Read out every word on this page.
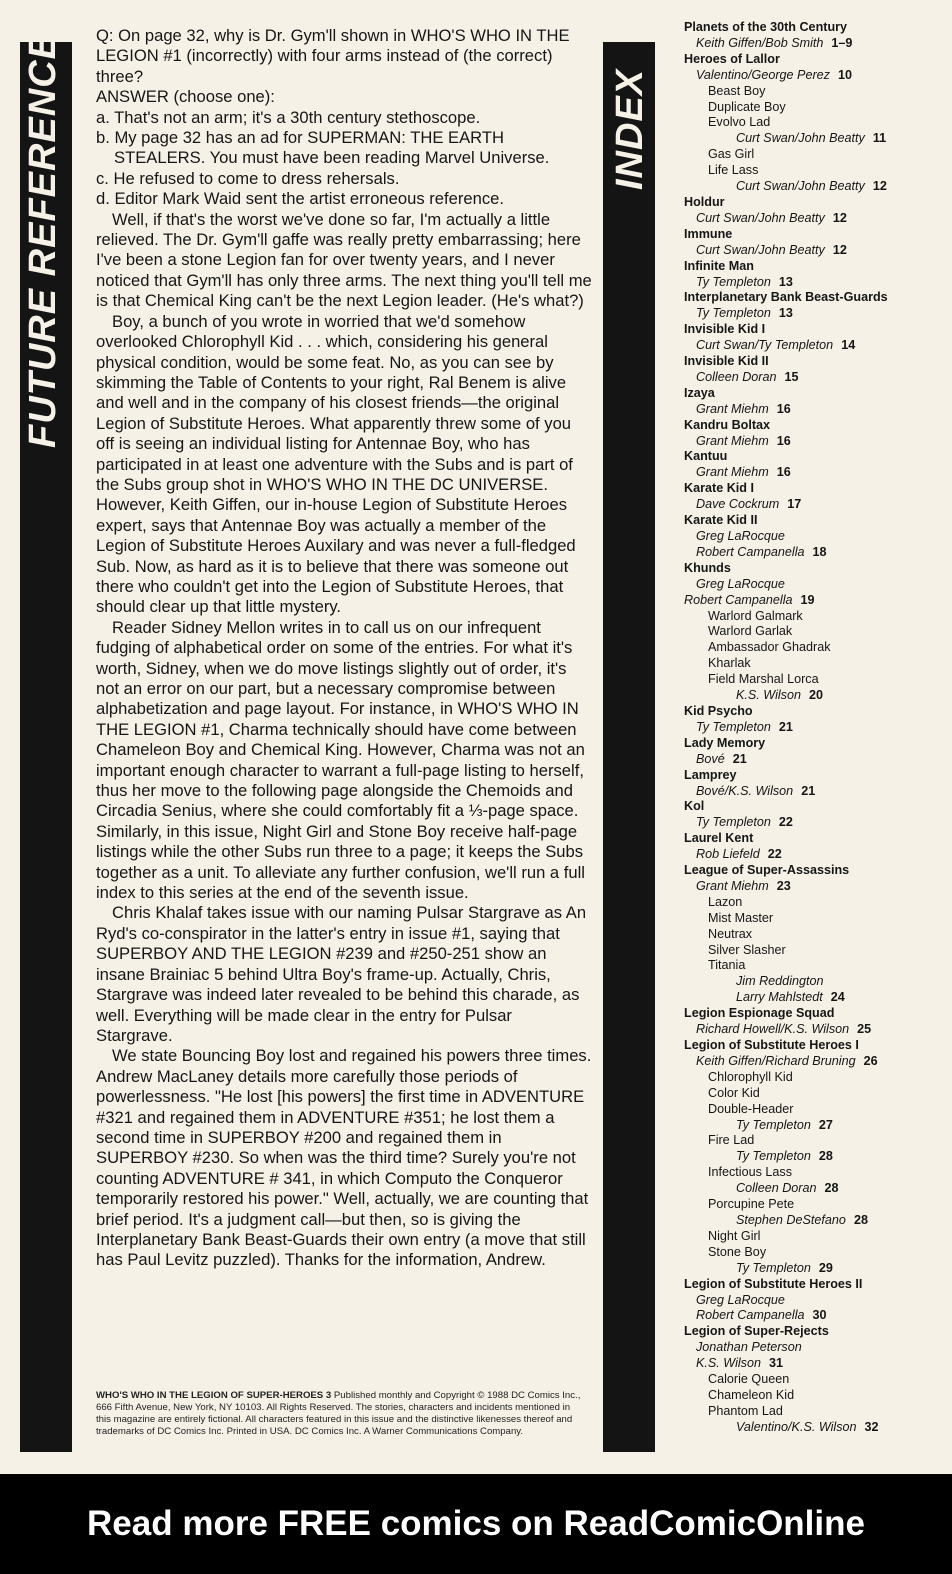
FUTURE REFERENCE	INDEX

Q: On page 32, why is Dr. Gym'll shown in WHO'S WHO IN THE LEGION #1 (incorrectly) with four arms instead of (the correct) three?

ANSWER (choose one):

a. That's not an arm; it's a 30th century stethoscope.

b. My page 32 has an ad for SUPERMAN: THE EARTH STEALERS. You must have been reading Marvel Universe.

c. He refused to come to dress rehersals.

d. Editor Mark Waid sent the artist erroneous reference.

Well, if that's the worst we've done so far, I'm actually a little relieved. The Dr. Gym'll gaffe was really pretty embarrassing; here I've been a stone Legion fan for over twenty years, and I never noticed that Gym'll has only three arms. The next thing you'll tell me is that Chemical King can't be the next Legion leader. (He's what?)

Boy, a bunch of you wrote in worried that we'd somehow overlooked Chlorophyll Kid . . . which, considering his general physical condition, would be some feat. No, as you can see by skimming the Table of Contents to your right, Ral Benem is alive and well and in the company of his closest friends—the original Legion of Substitute Heroes. What apparently threw some of you off is seeing an individual listing for Antennae Boy, who has participated in at least one adventure with the Subs and is part of the Subs group shot in WHO'S WHO IN THE DC UNIVERSE. However, Keith Giffen, our in-house Legion of Substitute Heroes expert, says that Antennae Boy was actually a member of the Legion of Substitute Heroes Auxilary and was never a full-fledged Sub. Now, as hard as it is to believe that there was someone out there who couldn't get into the Legion of Substitute Heroes, that should clear up that little mystery.

Reader Sidney Mellon writes in to call us on our infrequent fudging of alphabetical order on some of the entries. For what it's worth, Sidney, when we do move listings slightly out of order, it's not an error on our part, but a necessary compromise between alphabetization and page layout. For instance, in WHO'S WHO IN THE LEGION #1, Charma technically should have come between Chameleon Boy and Chemical King. However, Charma was not an important enough character to warrant a full-page listing to herself, thus her move to the following page alongside the Chemoids and Circadia Senius, where she could comfortably fit a ⅓-page space. Similarly, in this issue, Night Girl and Stone Boy receive half-page listings while the other Subs run three to a page; it keeps the Subs together as a unit. To alleviate any further confusion, we'll run a full index to this series at the end of the seventh issue.

Chris Khalaf takes issue with our naming Pulsar Stargrave as An Ryd's co-conspirator in the latter's entry in issue #1, saying that SUPERBOY AND THE LEGION #239 and #250-251 show an insane Brainiac 5 behind Ultra Boy's frame-up. Actually, Chris, Stargrave was indeed later revealed to be behind this charade, as well. Everything will be made clear in the entry for Pulsar Stargrave.

We state Bouncing Boy lost and regained his powers three times. Andrew MacLaney details more carefully those periods of powerlessness. "He lost [his powers] the first time in ADVENTURE #321 and regained them in ADVENTURE #351; he lost them a second time in SUPERBOY #200 and regained them in SUPERBOY #230. So when was the third time? Surely you're not counting ADVENTURE # 341, in which Computo the Conqueror temporarily restored his power." Well, actually, we are counting that brief period. It's a judgment call—but then, so is giving the Interplanetary Bank Beast-Guards their own entry (a move that still has Paul Levitz puzzled). Thanks for the information, Andrew.

WHO'S WHO IN THE LEGION OF SUPER-HEROES 3 Published monthly and Copyright © 1988 DC Comics Inc., 666 Fifth Avenue, New York, NY 10103. All Rights Reserved. The stories, characters and incidents mentioned in this magazine are entirely fictional. All characters featured in this issue and the distinctive likenesses thereof and trademarks of DC Comics Inc. Printed in USA. DC Comics Inc. A Warner Communications Company.
Planets of the 30th Century
Keith Giffen/Bob Smith 1–9
Heroes of Lallor
Valentino/George Perez 10
Beast Boy
Duplicate Boy
Evolvo Lad
Curt Swan/John Beatty 11
Gas Girl
Life Lass
Curt Swan/John Beatty 12
Holdur
Curt Swan/John Beatty 12
Immune
Curt Swan/John Beatty 12
Infinite Man
Ty Templeton 13
Interplanetary Bank Beast-Guards
Ty Templeton 13
Invisible Kid I
Curt Swan/Ty Templeton 14
Invisible Kid II
Colleen Doran 15
Izaya
Grant Miehm 16
Kandru Boltax
Grant Miehm 16
Kantuu
Grant Miehm 16
Karate Kid I
Dave Cockrum 17
Karate Kid II
Greg LaRocque
Robert Campanella 18
Khunds
Greg LaRocque
Robert Campanella 19
Warlord Galmark
Warlord Garlak
Ambassador Ghadrak
Kharlak
Field Marshal Lorca
K.S. Wilson 20
Kid Psycho
Ty Templeton 21
Lady Memory
Bové 21
Lamprey
Bové/K.S. Wilson 21
Kol
Ty Templeton 22
Laurel Kent
Rob Liefeld 22
League of Super-Assassins
Grant Miehm 23
Lazon
Mist Master
Neutrax
Silver Slasher
Titania
Jim Reddington
Larry Mahlstedt 24
Legion Espionage Squad
Richard Howell/K.S. Wilson 25
Legion of Substitute Heroes I
Keith Giffen/Richard Bruning 26
Chlorophyll Kid
Color Kid
Double-Header
Ty Templeton 27
Fire Lad
Ty Templeton 28
Infectious Lass
Colleen Doran 28
Porcupine Pete
Stephen DeStefano 28
Night Girl
Stone Boy
Ty Templeton 29
Legion of Substitute Heroes II
Greg LaRocque
Robert Campanella 30
Legion of Super-Rejects
Jonathan Peterson
K.S. Wilson 31
Calorie Queen
Chameleon Kid
Phantom Lad
Valentino/K.S. Wilson 32
Read more FREE comics on ReadComicOnline
